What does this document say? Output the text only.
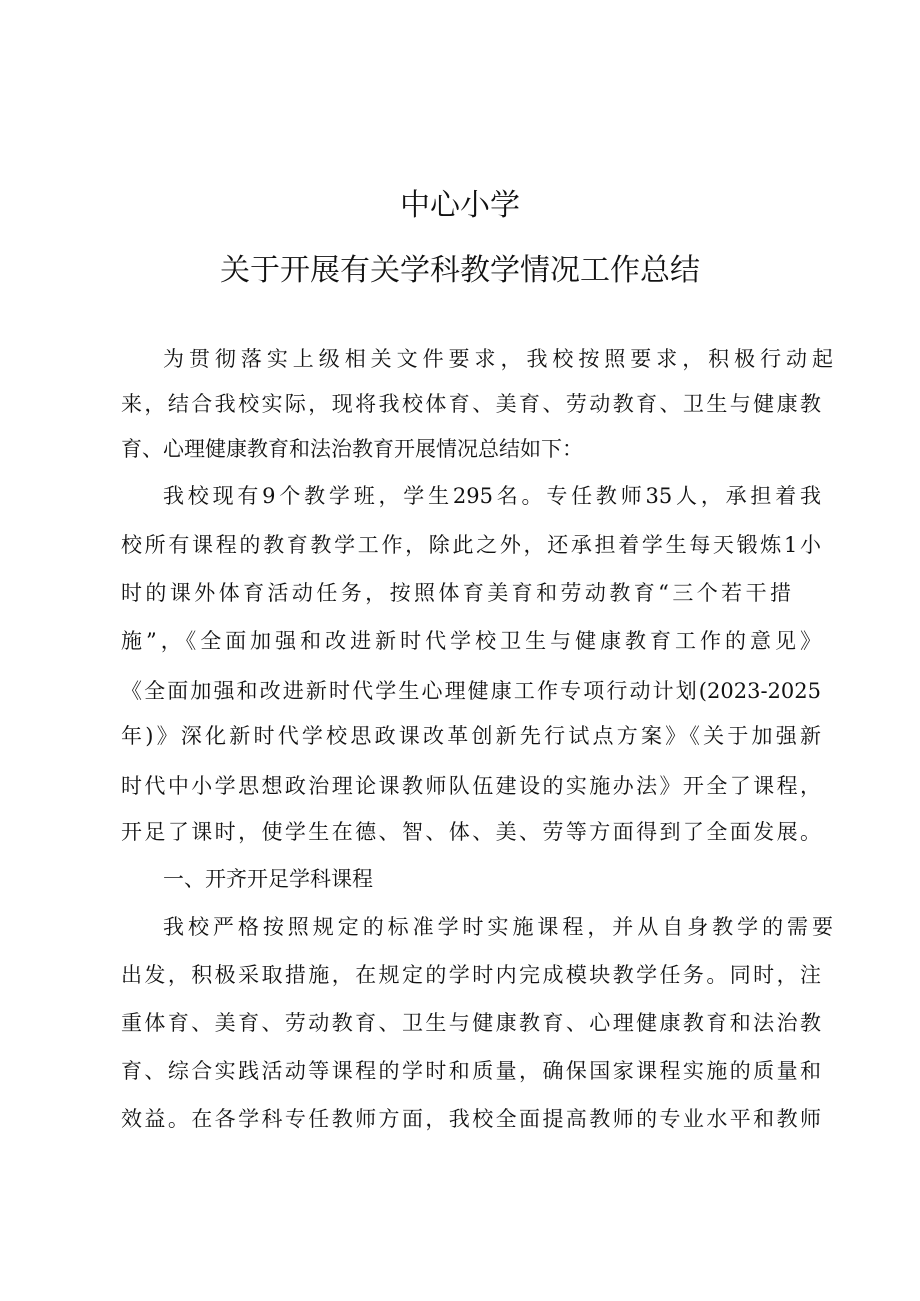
中心小学
关于开展有关学科教学情况工作总结
为贯彻落实上级相关文件要求，我校按照要求，积极行动起
来，结合我校实际，现将我校体育、美育、劳动教育、卫生与健康教
育、心理健康教育和法治教育开展情况总结如下：
我校现有9个教学班，学生295名。专任教师35人，承担着我
校所有课程的教育教学工作，除此之外，还承担着学生每天锻炼1小
时的课外体育活动任务，按照体育美育和劳动教育“三个若干措
施”，《全面加强和改进新时代学校卫生与健康教育工作的意见》
《全面加强和改进新时代学生心理健康工作专项行动计划(2023-2025
年)》深化新时代学校思政课改革创新先行试点方案》《关于加强新
时代中小学思想政治理论课教师队伍建设的实施办法》开全了课程，
开足了课时，使学生在德、智、体、美、劳等方面得到了全面发展。
一、开齐开足学科课程
我校严格按照规定的标准学时实施课程，并从自身教学的需要
出发，积极采取措施，在规定的学时内完成模块教学任务。同时，注
重体育、美育、劳动教育、卫生与健康教育、心理健康教育和法治教
育、综合实践活动等课程的学时和质量，确保国家课程实施的质量和
效益。在各学科专任教师方面，我校全面提高教师的专业水平和教师
